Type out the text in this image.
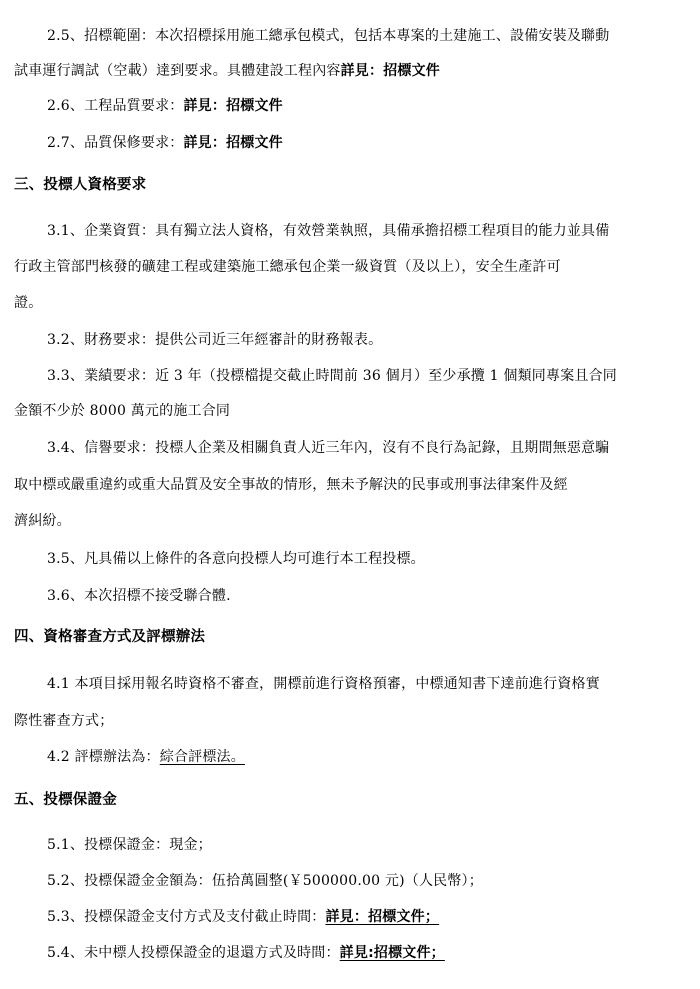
2.5、招標範圍：本次招標採用施工總承包模式，包括本專案的土建施工、設備安裝及聯動
試車運行調試（空載）達到要求。具體建設工程內容詳見：招標文件
2.6、工程品質要求：詳見：招標文件
2.7、品質保修要求：詳見：招標文件
三、投標人資格要求
3.1、企業資質：具有獨立法人資格，有效營業執照，具備承擔招標工程項目的能力並具備
行政主管部門核發的礦建工程或建築施工總承包企業一級資質（及以上），安全生產許可
證。
3.2、財務要求：提供公司近三年經審計的財務報表。
3.3、業績要求：近 3 年（投標檔提交截止時間前 36 個月）至少承攬 1 個類同專案且合同
金額不少於 8000 萬元的施工合同
3.4、信譽要求：投標人企業及相關負責人近三年內，沒有不良行為記錄，且期間無惡意騙
取中標或嚴重違約或重大品質及安全事故的情形，無未予解決的民事或刑事法律案件及經
濟糾紛。
3.5、凡具備以上條件的各意向投標人均可進行本工程投標。
3.6、本次招標不接受聯合體.
四、資格審查方式及評標辦法
4.1 本項目採用報名時資格不審查，開標前進行資格預審，中標通知書下達前進行資格實
際性審查方式；
4.2 評標辦法為：綜合評標法。
五、投標保證金
5.1、投標保證金：現金；
5.2、投標保證金金額為：伍拾萬圓整(￥500000.00 元)（人民幣）；
5.3、投標保證金支付方式及支付截止時間：詳見：招標文件；
5.4、未中標人投標保證金的退還方式及時間：詳見:招標文件；
